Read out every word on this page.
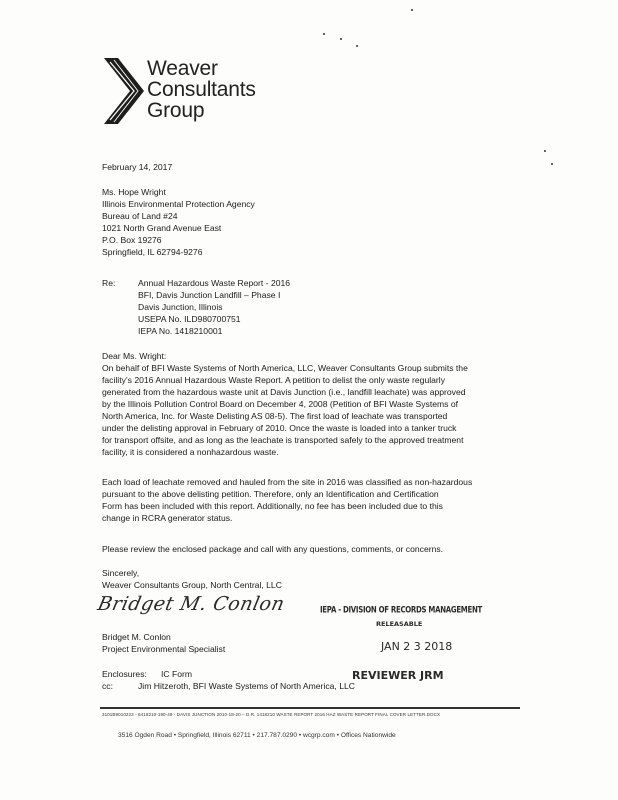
Weaver
Consultants
Group
February 14, 2017
Ms. Hope Wright
Illinois Environmental Protection Agency
Bureau of Land #24
1021 North Grand Avenue East
P.O. Box 19276
Springfield, IL 62794-9276
Re:	Annual Hazardous Waste Report - 2016
BFI, Davis Junction Landfill – Phase I
Davis Junction, Illinois
USEPA No. ILD980700751
IEPA No. 1418210001
Dear Ms. Wright:
On behalf of BFI Waste Systems of North America, LLC, Weaver Consultants Group submits the
facility’s 2016 Annual Hazardous Waste Report. A petition to delist the only waste regularly
generated from the hazardous waste unit at Davis Junction (i.e., landfill leachate) was approved
by the Illinois Pollution Control Board on December 4, 2008 (Petition of BFI Waste Systems of
North America, Inc. for Waste Delisting AS 08-5). The first load of leachate was transported
under the delisting approval in February of 2010. Once the waste is loaded into a tanker truck
for transport offsite, and as long as the leachate is transported safely to the approved treatment
facility, it is considered a nonhazardous waste.
Each load of leachate removed and hauled from the site in 2016 was classified as non-hazardous
pursuant to the above delisting petition. Therefore, only an Identification and Certification
Form has been included with this report. Additionally, no fee has been included due to this
change in RCRA generator status.
Please review the enclosed package and call with any questions, comments, or concerns.
Sincerely,
Weaver Consultants Group, North Central, LLC
Bridget M. Conlon
Bridget M. Conlon
Project Environmental Specialist
IEPA - DIVISION OF RECORDS MANAGEMENT
RELEASABLE
JAN 2 3 2018
REVIEWER JRM
Enclosures: IC Form
cc:	Jim Hitzeroth, BFI Waste Systems of North America, LLC
3101B9010223 - 6418210‐190‐49 - DAVIS JUNCTION 2010‐18‐20 – D.R. 1418210 WASTE REPORT 2016 HAZ WASTE REPORT FINAL COVER LETTER.DOCX
3516 Ogden Road • Springfield, Illinois 62711 • 217.787.0290 • wcgrp.com • Offices Nationwide
